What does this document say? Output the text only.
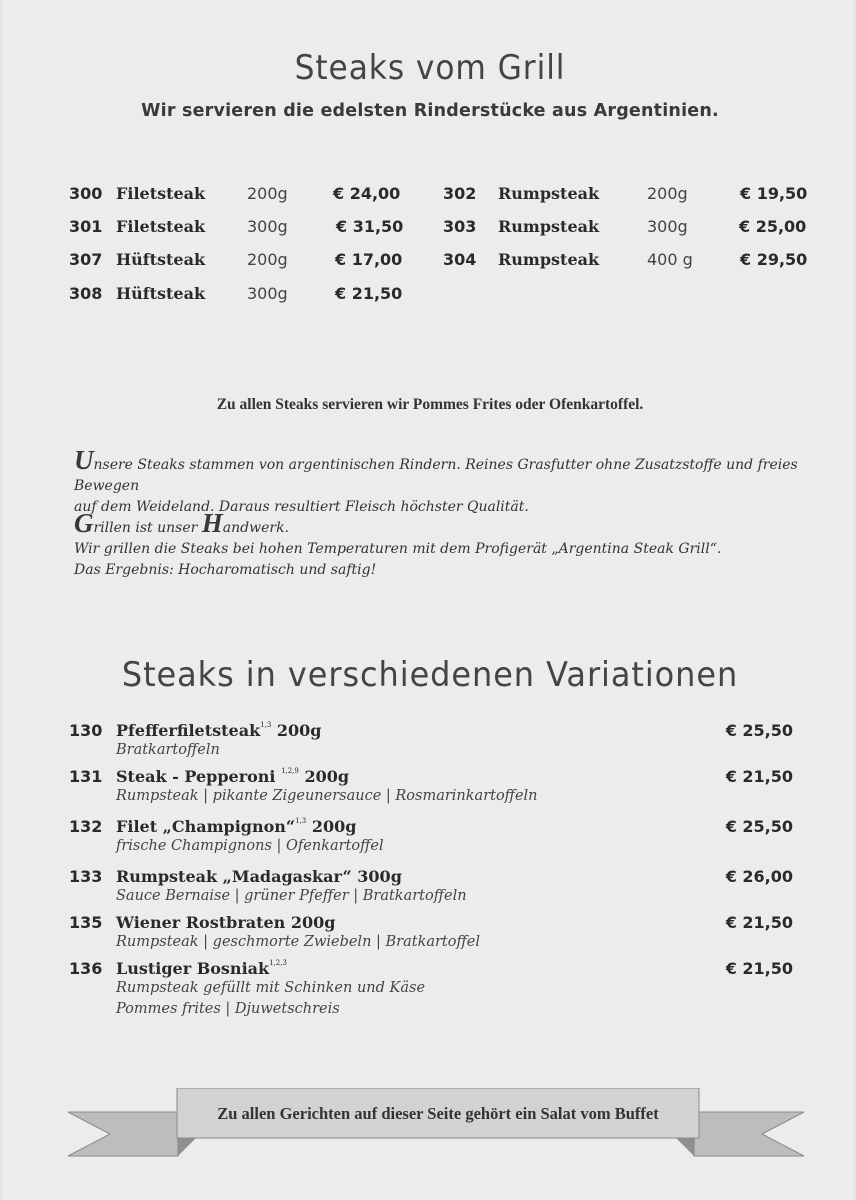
Steaks vom Grill
Wir servieren die edelsten Rinderstücke aus Argentinien.
300 Filetsteak	200g	€ 24,00
301 Filetsteak	300g	€ 31,50
307 Hüftsteak	200g	€ 17,00
308 Hüftsteak	300g	€ 21,50
302 Rumpsteak	200g	€ 19,50
303 Rumpsteak	300g	€ 25,00
304 Rumpsteak	400 g	€ 29,50
Zu allen Steaks servieren wir Pommes Frites oder Ofenkartoffel.
Unsere Steaks stammen von argentinischen Rindern. Reines Grasfutter ohne Zusatzstoffe und freies Bewegen
auf dem Weideland. Daraus resultiert Fleisch höchster Qualität.
Grillen ist unser Handwerk.
Wir grillen die Steaks bei hohen Temperaturen mit dem Profigerät „Argentina Steak Grill“.
Das Ergebnis: Hocharomatisch und saftig!
Steaks in verschiedenen Variationen
130 Pfefferfiletsteak$^{1,3}$ 200g	€ 25,50
Bratkartoffeln
131 Steak - Pepperoni $^{1,2,9}$ 200g	€ 21,50
Rumpsteak | pikante Zigeunersauce | Rosmarinkartoffeln
132 Filet „Champignon“$^{1,3}$ 200g	€ 25,50
frische Champignons | Ofenkartoffel
133 Rumpsteak „Madagaskar“ 300g	€ 26,00
Sauce Bernaise | grüner Pfeffer | Bratkartoffeln
135 Wiener Rostbraten 200g	€ 21,50
Rumpsteak | geschmorte Zwiebeln | Bratkartoffel
136 Lustiger Bosniak$^{1,2,3}$	€ 21,50
Rumpsteak gefüllt mit Schinken und Käse
Pommes frites | Djuwetschreis
Zu allen Gerichten auf dieser Seite gehört ein Salat vom Buffet
